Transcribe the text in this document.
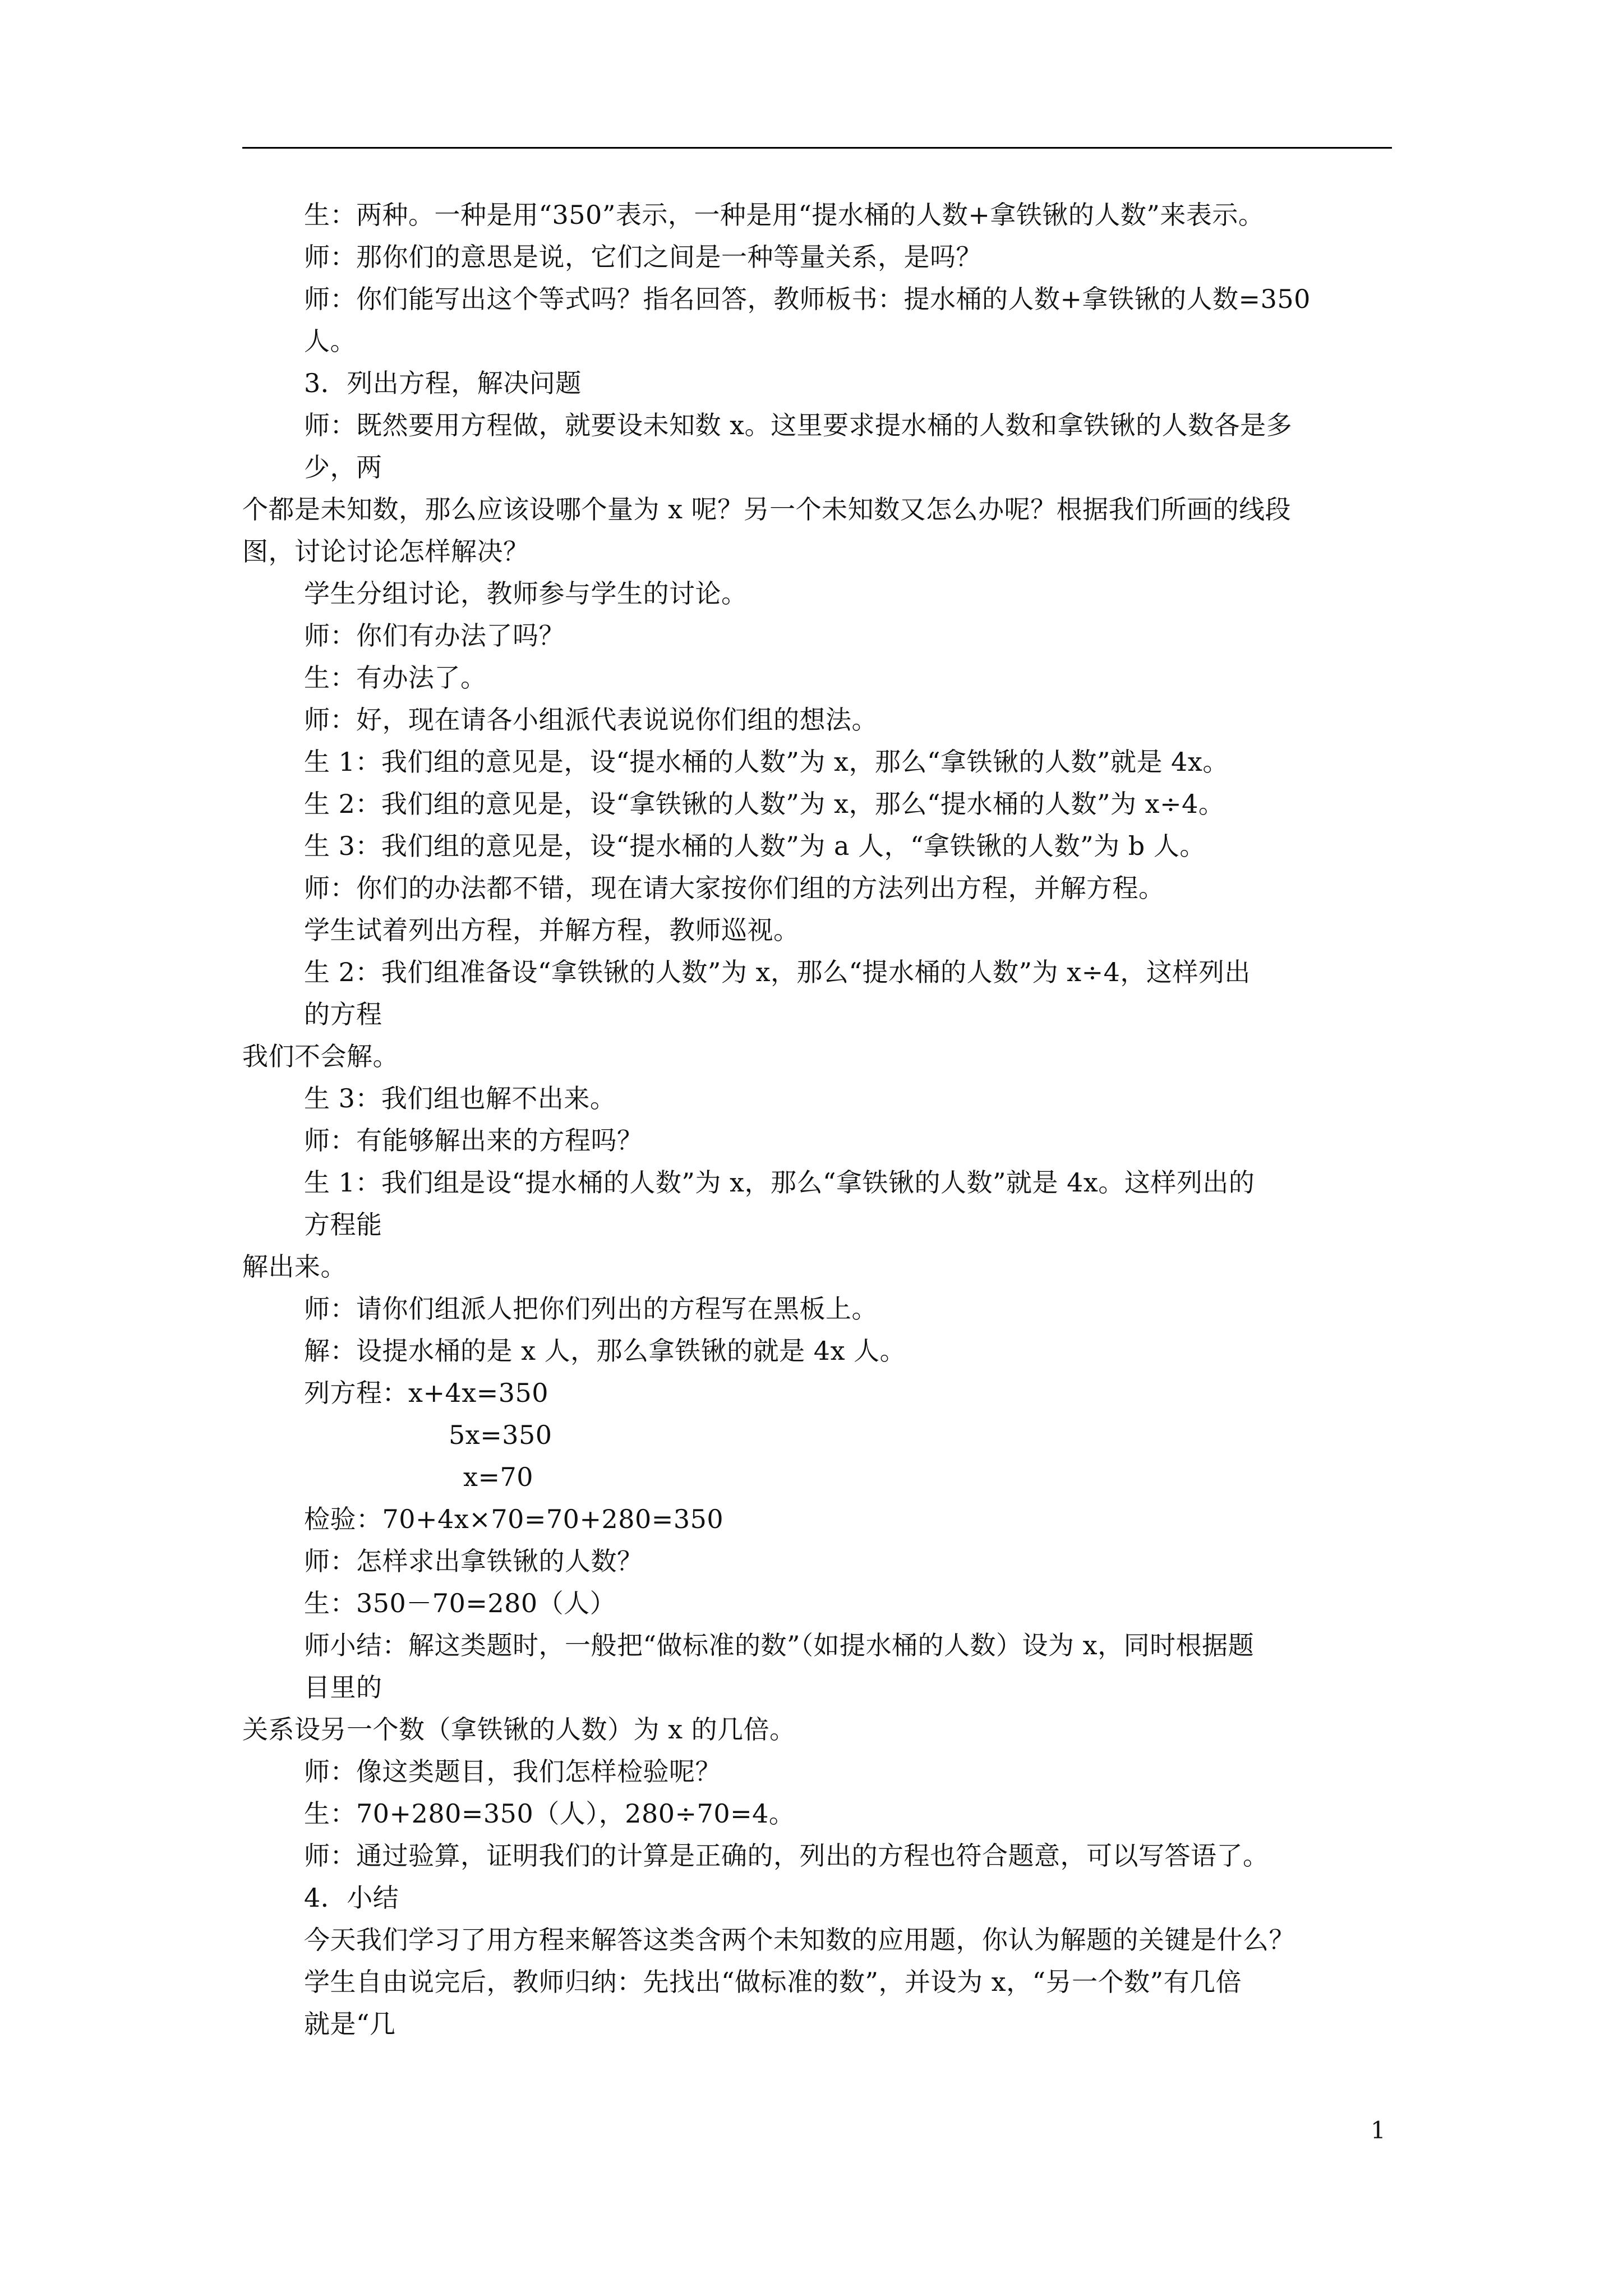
生：两种。一种是用“350”表示，一种是用“提水桶的人数+拿铁锹的人数”来表示。
师：那你们的意思是说，它们之间是一种等量关系，是吗？
师：你们能写出这个等式吗？指名回答，教师板书：提水桶的人数+拿铁锹的人数=350
人。
3．列出方程，解决问题
师：既然要用方程做，就要设未知数 x。这里要求提水桶的人数和拿铁锹的人数各是多
少，两
个都是未知数，那么应该设哪个量为 x 呢？另一个未知数又怎么办呢？根据我们所画的线段
图，讨论讨论怎样解决？
学生分组讨论，教师参与学生的讨论。
师：你们有办法了吗？
生：有办法了。
师：好，现在请各小组派代表说说你们组的想法。
生 1：我们组的意见是，设“提水桶的人数”为 x，那么“拿铁锹的人数”就是 4x。
生 2：我们组的意见是，设“拿铁锹的人数”为 x，那么“提水桶的人数”为 x÷4。
生 3：我们组的意见是，设“提水桶的人数”为 a 人，“拿铁锹的人数”为 b 人。
师：你们的办法都不错，现在请大家按你们组的方法列出方程，并解方程。
学生试着列出方程，并解方程，教师巡视。
生 2：我们组准备设“拿铁锹的人数”为 x，那么“提水桶的人数”为 x÷4，这样列出
的方程
我们不会解。
生 3：我们组也解不出来。
师：有能够解出来的方程吗？
生 1：我们组是设“提水桶的人数”为 x，那么“拿铁锹的人数”就是 4x。这样列出的
方程能
解出来。
师：请你们组派人把你们列出的方程写在黑板上。
解：设提水桶的是 x 人，那么拿铁锹的就是 4x 人。
列方程：x+4x=350
5x=350
x=70
检验：70+4x×70=70+280=350
师：怎样求出拿铁锹的人数？
生：350－70=280（人）
师小结：解这类题时，一般把“做标准的数”（如提水桶的人数）设为 x，同时根据题
目里的
关系设另一个数（拿铁锹的人数）为 x 的几倍。
师：像这类题目，我们怎样检验呢？
生：70+280=350（人），280÷70=4。
师：通过验算，证明我们的计算是正确的，列出的方程也符合题意，可以写答语了。
4．小结
今天我们学习了用方程来解答这类含两个未知数的应用题，你认为解题的关键是什么？
学生自由说完后，教师归纳：先找出“做标准的数”，并设为 x，“另一个数”有几倍
就是“几
1
